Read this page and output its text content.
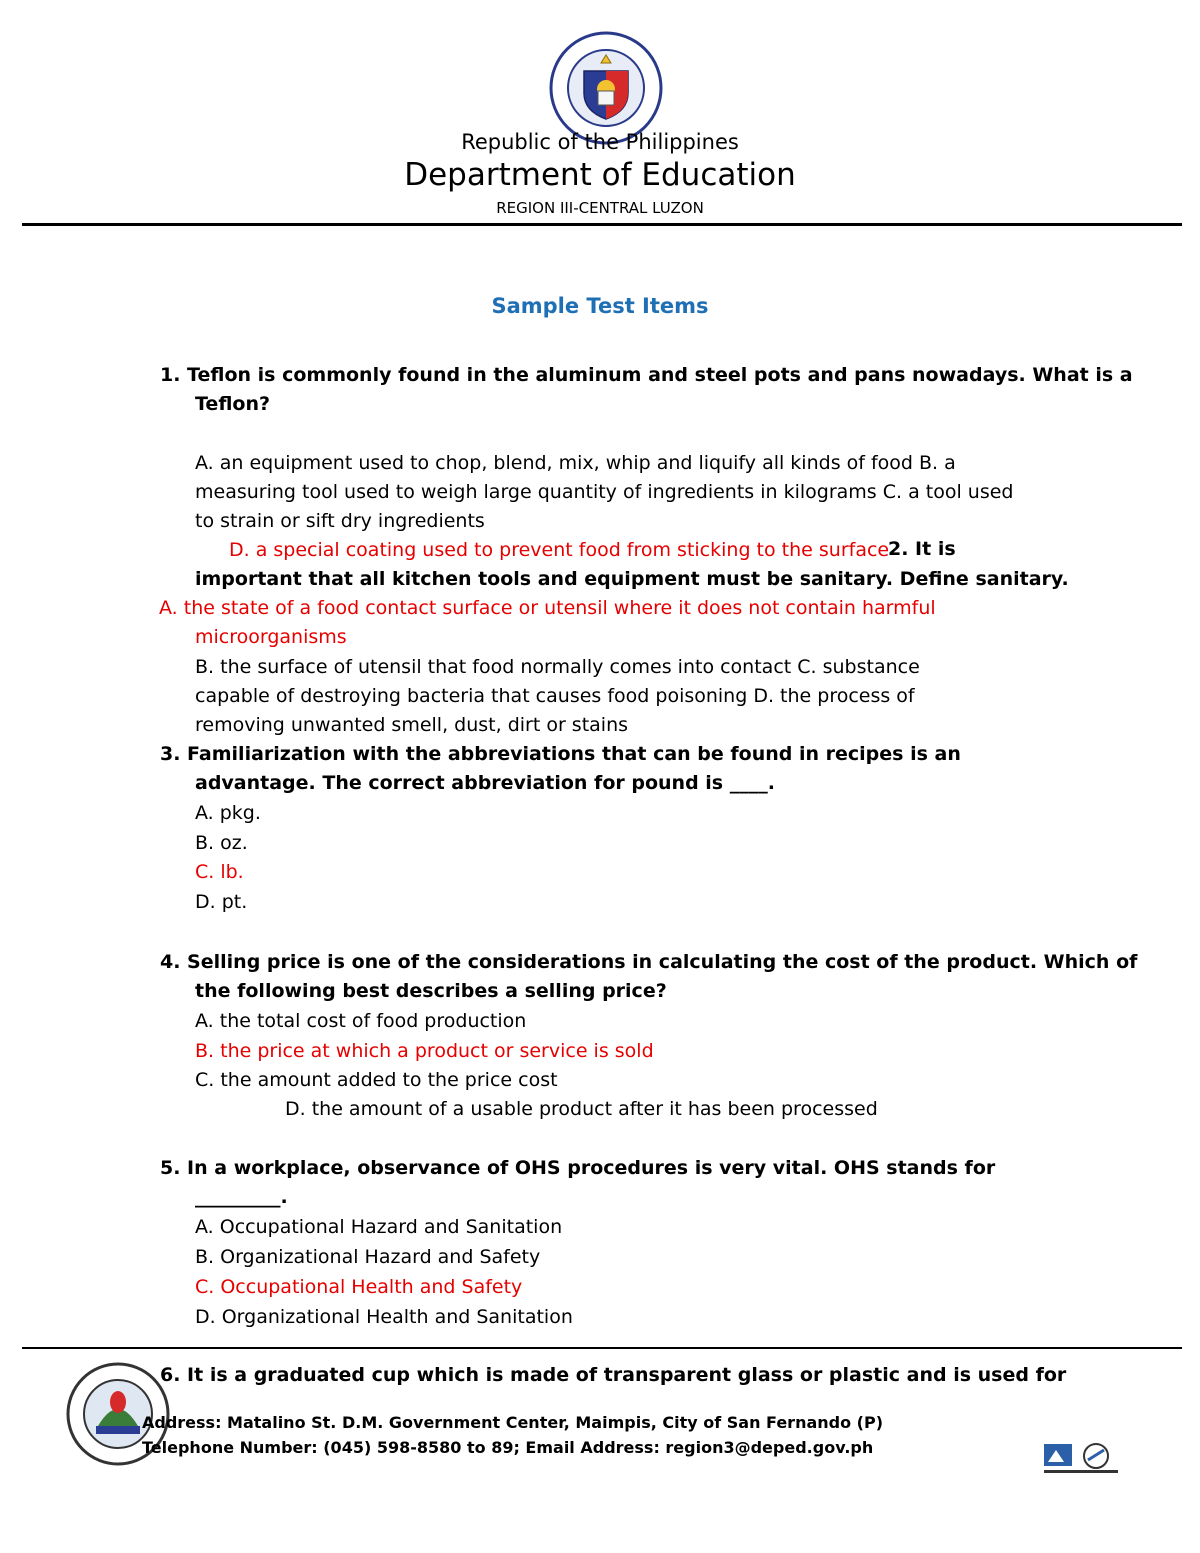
Republic of the Philippines
Department of Education
REGION III-CENTRAL LUZON
Sample Test Items
1. Teflon is commonly found in the aluminum and steel pots and pans nowadays. What is a
Teflon?
A. an equipment used to chop, blend, mix, whip and liquify all kinds of food B. a
measuring tool used to weigh large quantity of ingredients in kilograms C. a tool used
to strain or sift dry ingredients
D. a special coating used to prevent food from sticking to the surface
important that all kitchen tools and equipment must be sanitary. Define sanitary.
A. the state of a food contact surface or utensil where it does not contain harmful
microorganisms
B. the surface of utensil that food normally comes into contact C. substance
capable of destroying bacteria that causes food poisoning D. the process of
removing unwanted smell, dust, dirt or stains
3. Familiarization with the abbreviations that can be found in recipes is an
advantage. The correct abbreviation for pound is ____.
A. pkg.
B. oz.
C. lb.
D. pt.
4. Selling price is one of the considerations in calculating the cost of the product. Which of
the following best describes a selling price?
A. the total cost of food production
B. the price at which a product or service is sold
C. the amount added to the price cost
D. the amount of a usable product after it has been processed
5. In a workplace, observance of OHS procedures is very vital. OHS stands for
_________.
A. Occupational Hazard and Sanitation
B. Organizational Hazard and Safety
C. Occupational Health and Safety
D. Organizational Health and Sanitation
6. It is a graduated cup which is made of transparent glass or plastic and is used for
2. It is
Address: Matalino St. D.M. Government Center, Maimpis, City of San Fernando (P)
Telephone Number: (045) 598-8580 to 89; Email Address: region3@deped.gov.ph
